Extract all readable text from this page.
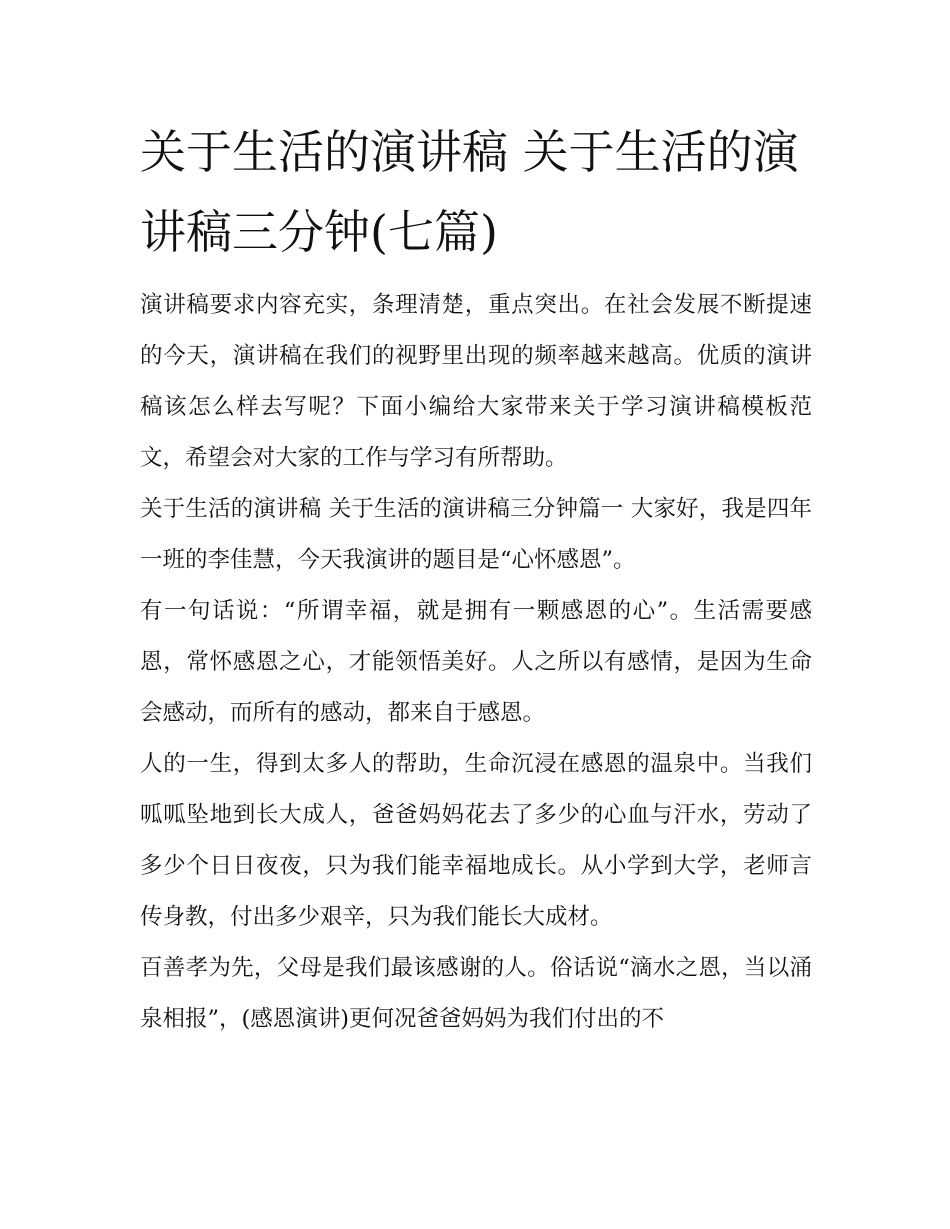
关于生活的演讲稿 关于生活的演讲稿三分钟(七篇)

演讲稿要求内容充实，条理清楚，重点突出。在社会发展不断提速的今天，演讲稿在我们的视野里出现的频率越来越高。优质的演讲稿该怎么样去写呢？下面小编给大家带来关于学习演讲稿模板范文，希望会对大家的工作与学习有所帮助。

关于生活的演讲稿 关于生活的演讲稿三分钟篇一 大家好，我是四年一班的李佳慧，今天我演讲的题目是“心怀感恩”。

有一句话说：“所谓幸福，就是拥有一颗感恩的心”。生活需要感恩，常怀感恩之心，才能领悟美好。人之所以有感情，是因为生命会感动，而所有的感动，都来自于感恩。

人的一生，得到太多人的帮助，生命沉浸在感恩的温泉中。当我们呱呱坠地到长大成人，爸爸妈妈花去了多少的心血与汗水，劳动了多少个日日夜夜，只为我们能幸福地成长。从小学到大学，老师言传身教，付出多少艰辛，只为我们能长大成材。

百善孝为先，父母是我们最该感谢的人。俗话说“滴水之恩，当以涌泉相报”，(感恩演讲)更何况爸爸妈妈为我们付出的不
